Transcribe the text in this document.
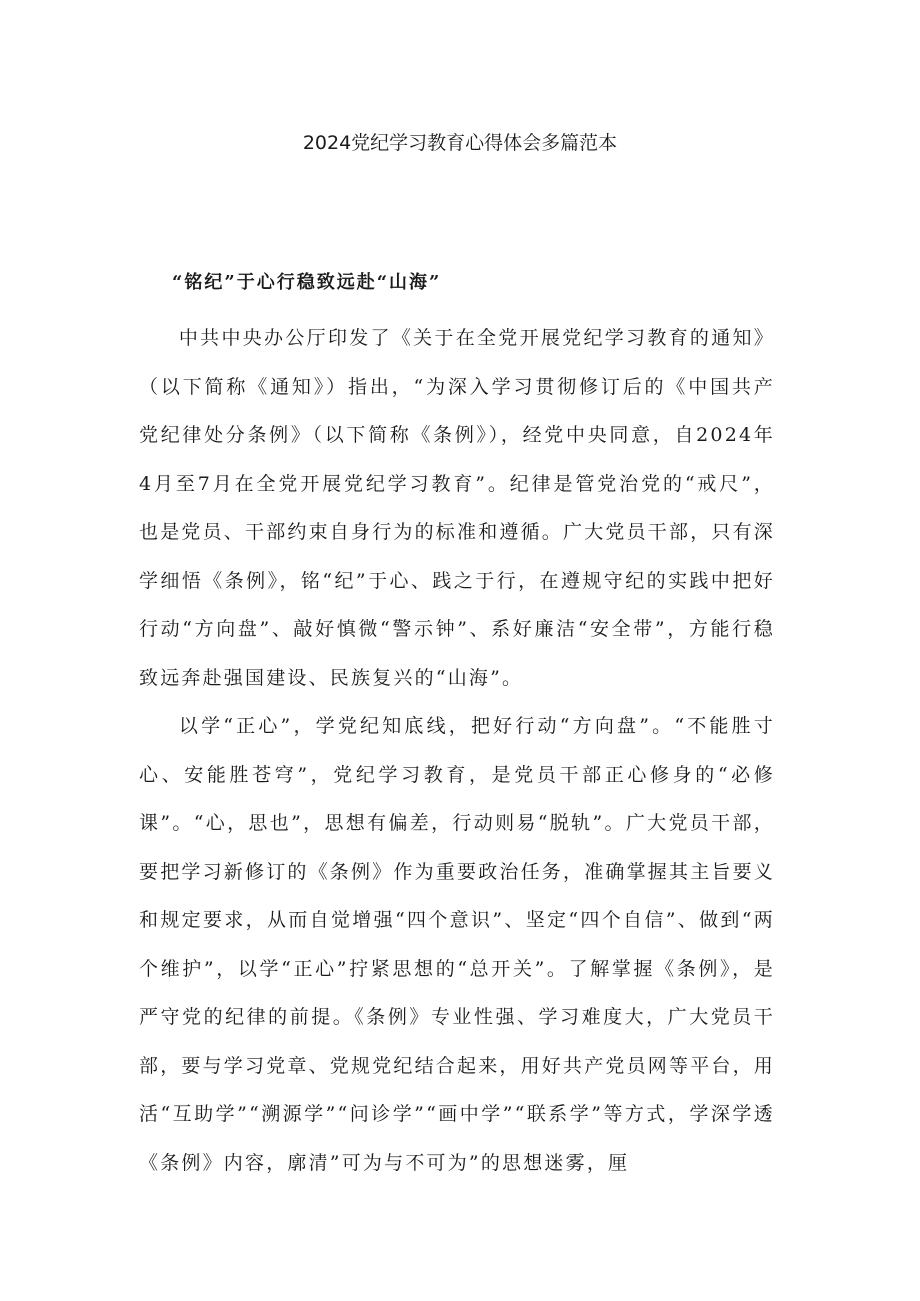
2024党纪学习教育心得体会多篇范本
“铭纪”于心行稳致远赴“山海”

中共中央办公厅印发了《关于在全党开展党纪学习教育的通知》（以下简称《通知》）指出，“为深入学习贯彻修订后的《中国共产党纪律处分条例》（以下简称《条例》），经党中央同意，自2024年4月至7月在全党开展党纪学习教育”。纪律是管党治党的“戒尺”，也是党员、干部约束自身行为的标准和遵循。广大党员干部，只有深学细悟《条例》，铭“纪”于心、践之于行，在遵规守纪的实践中把好行动“方向盘”、敲好慎微“警示钟”、系好廉洁“安全带”，方能行稳致远奔赴强国建设、民族复兴的“山海”。

以学“正心”，学党纪知底线，把好行动“方向盘”。“不能胜寸心、安能胜苍穹”，党纪学习教育，是党员干部正心修身的“必修课”。“心，思也”，思想有偏差，行动则易“脱轨”。广大党员干部，要把学习新修订的《条例》作为重要政治任务，准确掌握其主旨要义和规定要求，从而自觉增强“四个意识”、坚定“四个自信”、做到“两个维护”，以学“正心”拧紧思想的“总开关”。了解掌握《条例》，是严守党的纪律的前提。《条例》专业性强、学习难度大，广大党员干部，要与学习党章、党规党纪结合起来，用好共产党员网等平台，用活“互助学”“溯源学”“问诊学”“画中学”“联系学”等方式，学深学透《条例》内容，廓清”可为与不可为”的思想迷雾，厘
